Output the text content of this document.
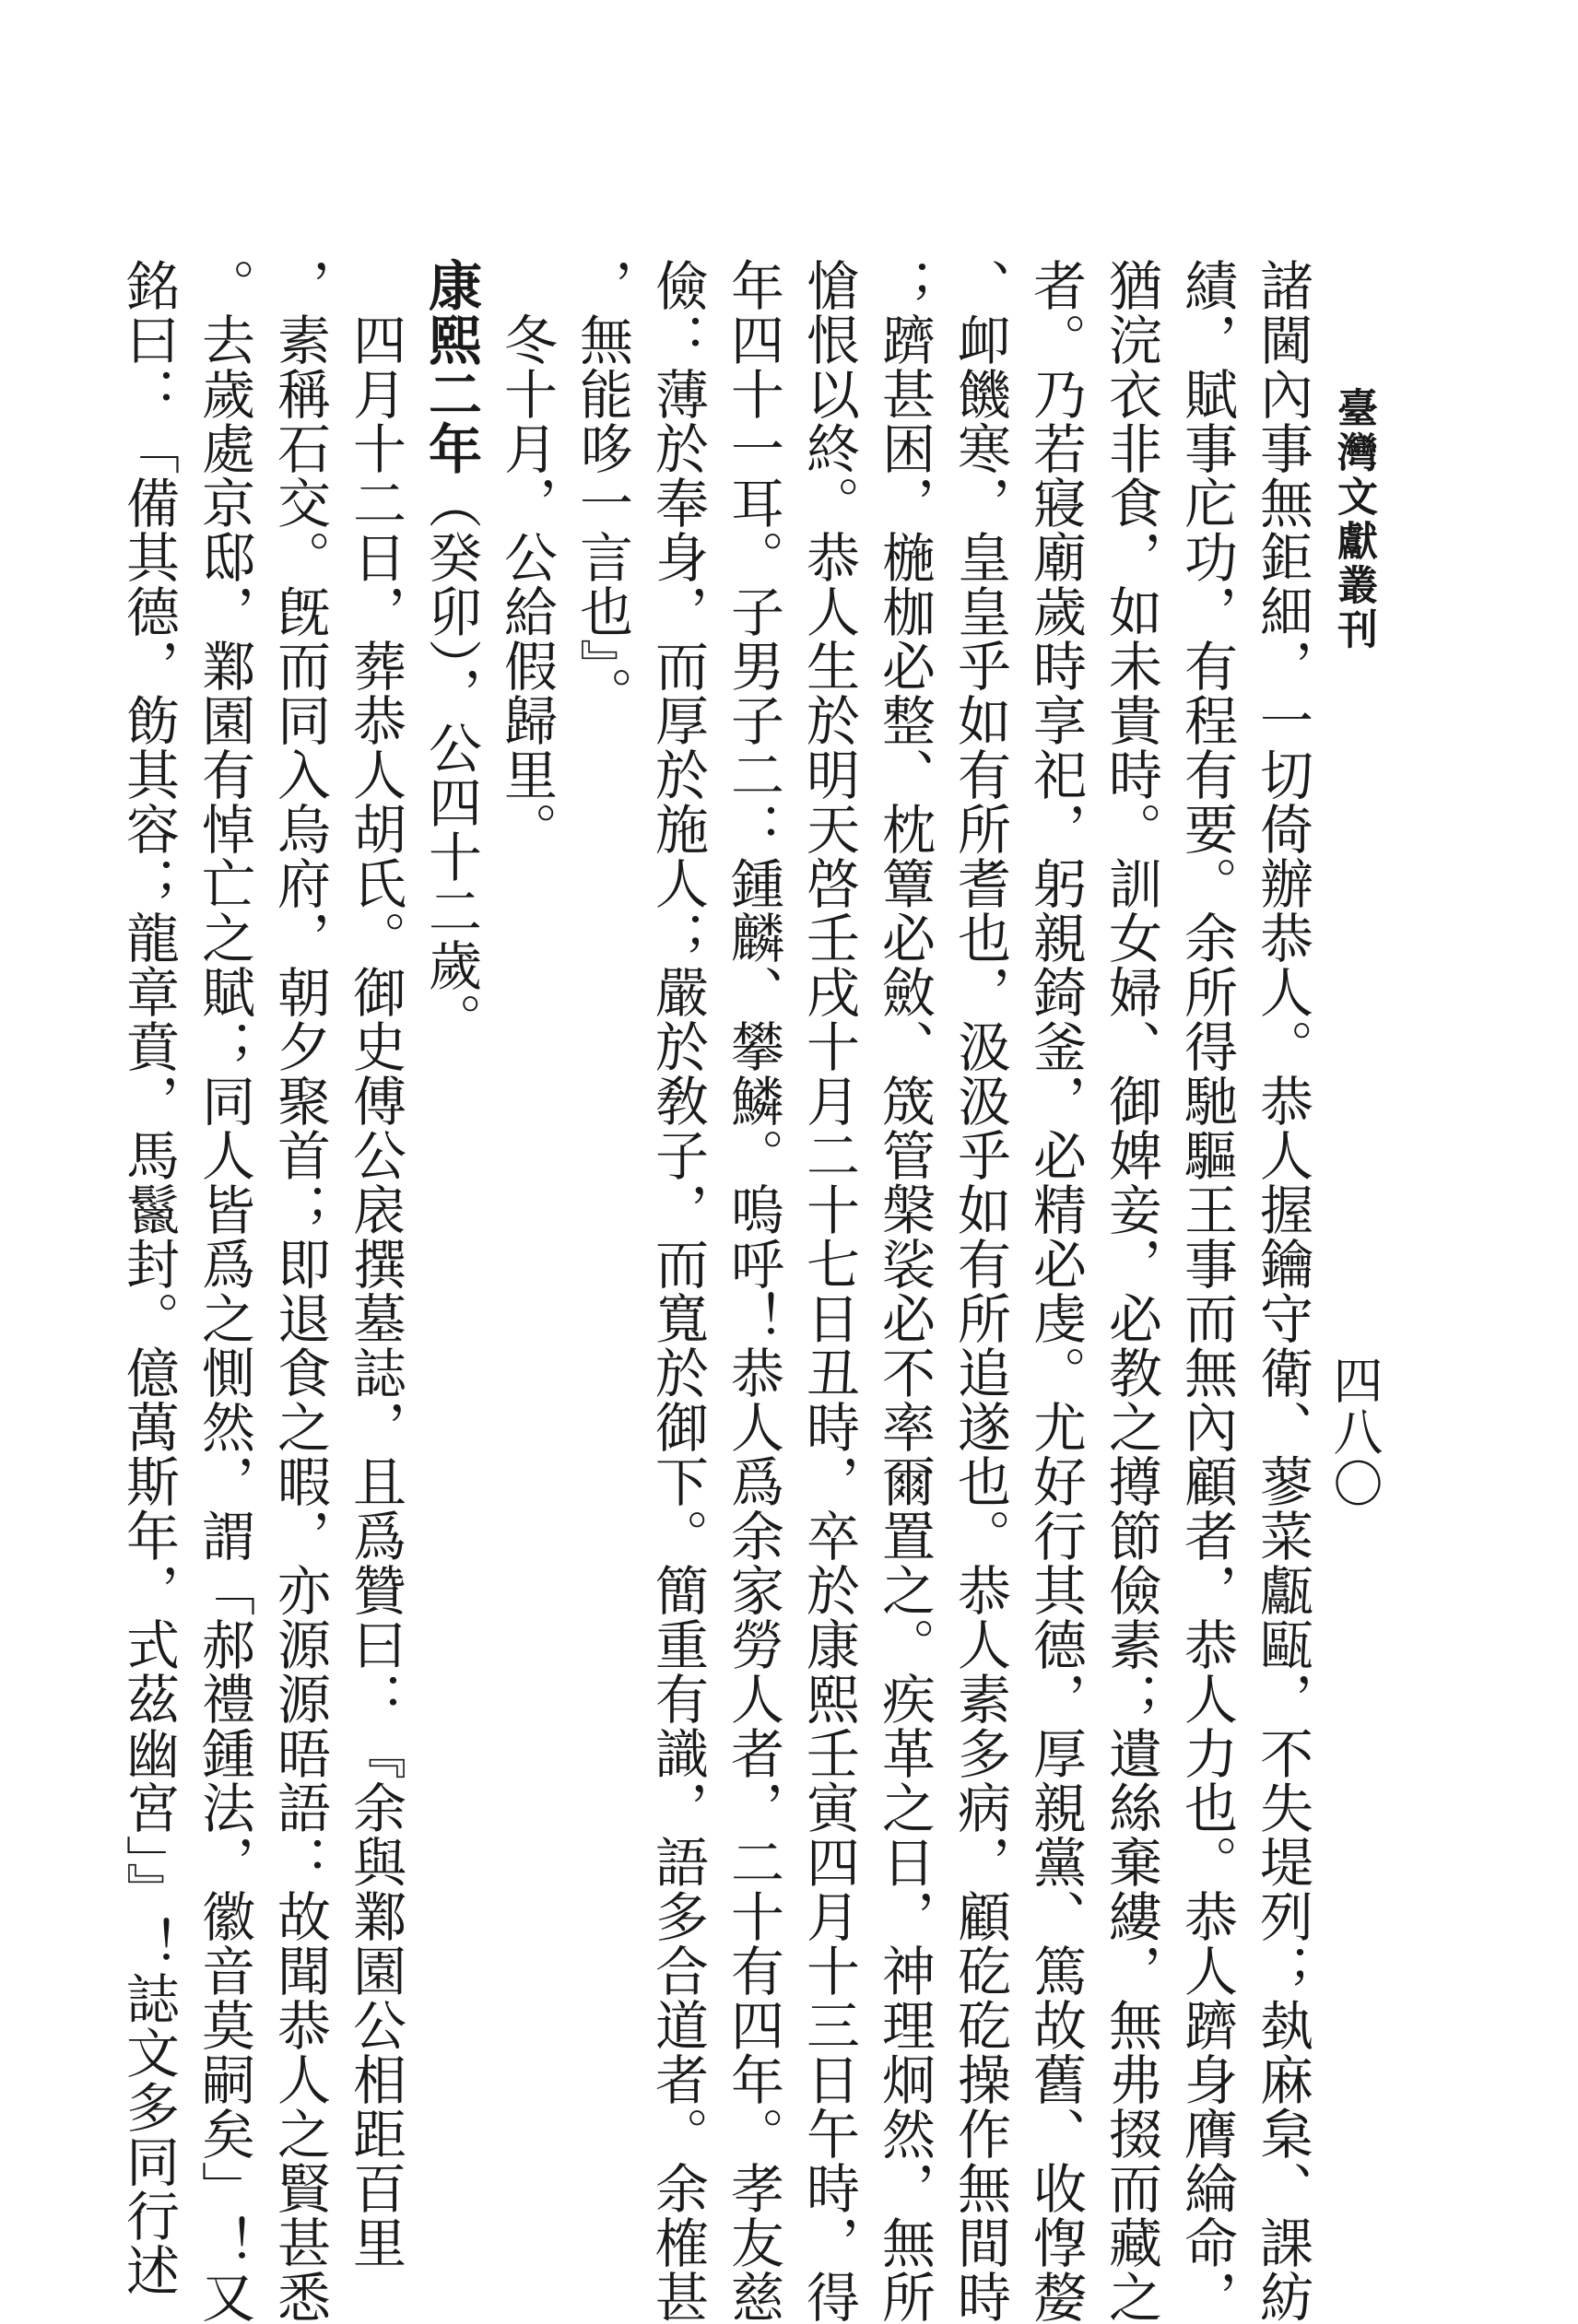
臺灣文獻叢刊
四八〇
諸閫內事無鉅細，一切倚辦恭人。恭人握鑰守衛、蓼菜甗甌，不失堤列；埶麻枲、課紡
績，賦事庀功，有程有要。余所得馳驅王事而無內顧者，恭人力也。恭人躋身膺綸命，
猶浣衣非食，如未貴時。訓女婦、御婢妾，必教之撙節儉素；遺絲棄縷，無弗掇而藏之
者。乃若寢廟歲時享祀，躬親錡釜，必精必虔。尤好行其德，厚親黨、篤故舊、收惸嫠
、卹饑寒，皇皇乎如有所耆也，汲汲乎如有所追遂也。恭人素多病，顧矻矻操作無間時
；躋甚困，椸枷必整、枕簟必斂、筬管槃裟必不率爾置之。疾革之日，神理炯然，無所
愴恨以終。恭人生於明天啓壬戌十月二十七日丑時，卒於康熙壬寅四月十三日午時，得
年四十一耳。子男子二：鍾麟、攀鱗。嗚呼！恭人爲余家勞人者，二十有四年。孝友慈
儉：薄於奉身，而厚於施人；嚴於敎子，而寬於御下。簡重有識，語多合道者。余榷甚
，無能哆一言也』。
　冬十月，公給假歸里。
康熙二年（癸卯），公四十二歲。
　四月十二日，葬恭人胡氏。御史傅公扆撰墓誌，且爲贊曰：『余與鄴園公相距百里
，素稱石交。旣而同入烏府，朝夕聚首；即退食之暇，亦源源晤語：故聞恭人之賢甚悉
。去歲處京邸，鄴園有悼亡之賦；同人皆爲之惻然，謂「郝禮鍾法，徽音莫嗣矣」！又
銘曰：「備其德，飭其容；龍章賁，馬鬣封。億萬斯年，式茲幽宮」』！誌文多同行述
